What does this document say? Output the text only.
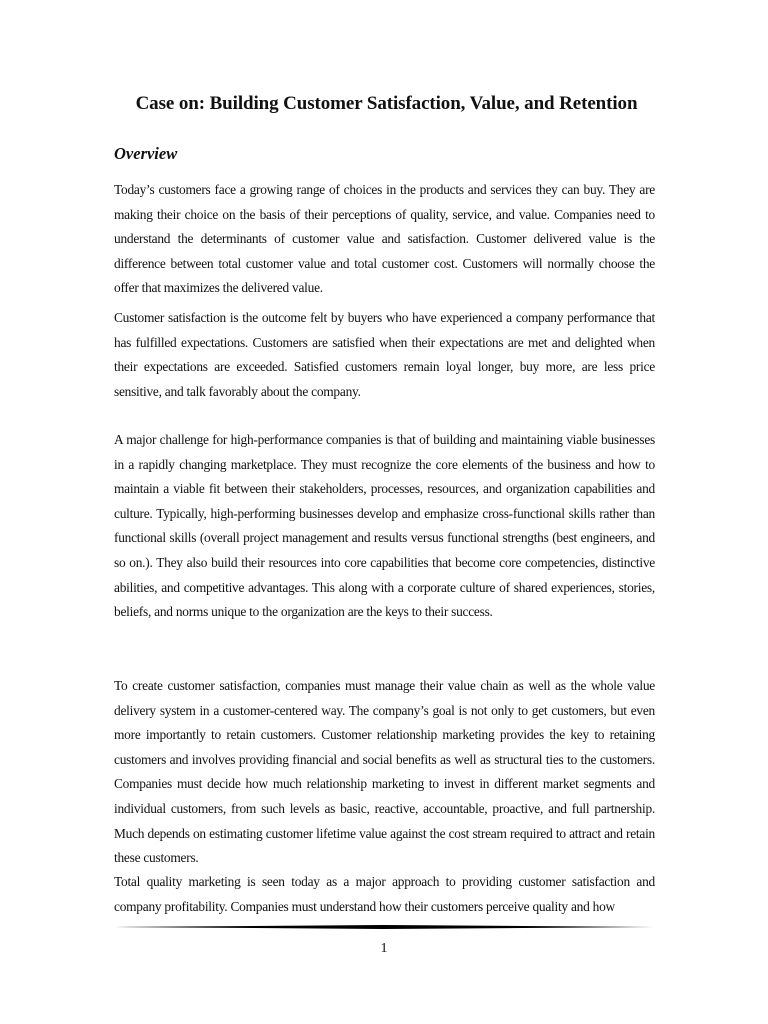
Case on: Building Customer Satisfaction, Value, and Retention
Overview

Today’s customers face a growing range of choices in the products and services they can buy. They are making their choice on the basis of their perceptions of quality, service, and value. Companies need to understand the determinants of customer value and satisfaction. Customer delivered value is the difference between total customer value and total customer cost. Customers will normally choose the offer that maximizes the delivered value.

Customer satisfaction is the outcome felt by buyers who have experienced a company performance that has fulfilled expectations. Customers are satisfied when their expectations are met and delighted when their expectations are exceeded. Satisfied customers remain loyal longer, buy more, are less price sensitive, and talk favorably about the company.

A major challenge for high-performance companies is that of building and maintaining viable businesses in a rapidly changing marketplace. They must recognize the core elements of the business and how to maintain a viable fit between their stakeholders, processes, resources, and organization capabilities and culture. Typically, high-performing businesses develop and emphasize cross-functional skills rather than functional skills (overall project management and results versus functional strengths (best engineers, and so on.). They also build their resources into core capabilities that become core competencies, distinctive abilities, and competitive advantages. This along with a corporate culture of shared experiences, stories, beliefs, and norms unique to the organization are the keys to their success.

To create customer satisfaction, companies must manage their value chain as well as the whole value delivery system in a customer-centered way. The company’s goal is not only to get customers, but even more importantly to retain customers. Customer relationship marketing provides the key to retaining customers and involves providing financial and social benefits as well as structural ties to the customers. Companies must decide how much relationship marketing to invest in different market segments and individual customers, from such levels as basic, reactive, accountable, proactive, and full partnership. Much depends on estimating customer lifetime value against the cost stream required to attract and retain these customers.

Total quality marketing is seen today as a major approach to providing customer satisfaction and company profitability. Companies must understand how their customers perceive quality and how

1
